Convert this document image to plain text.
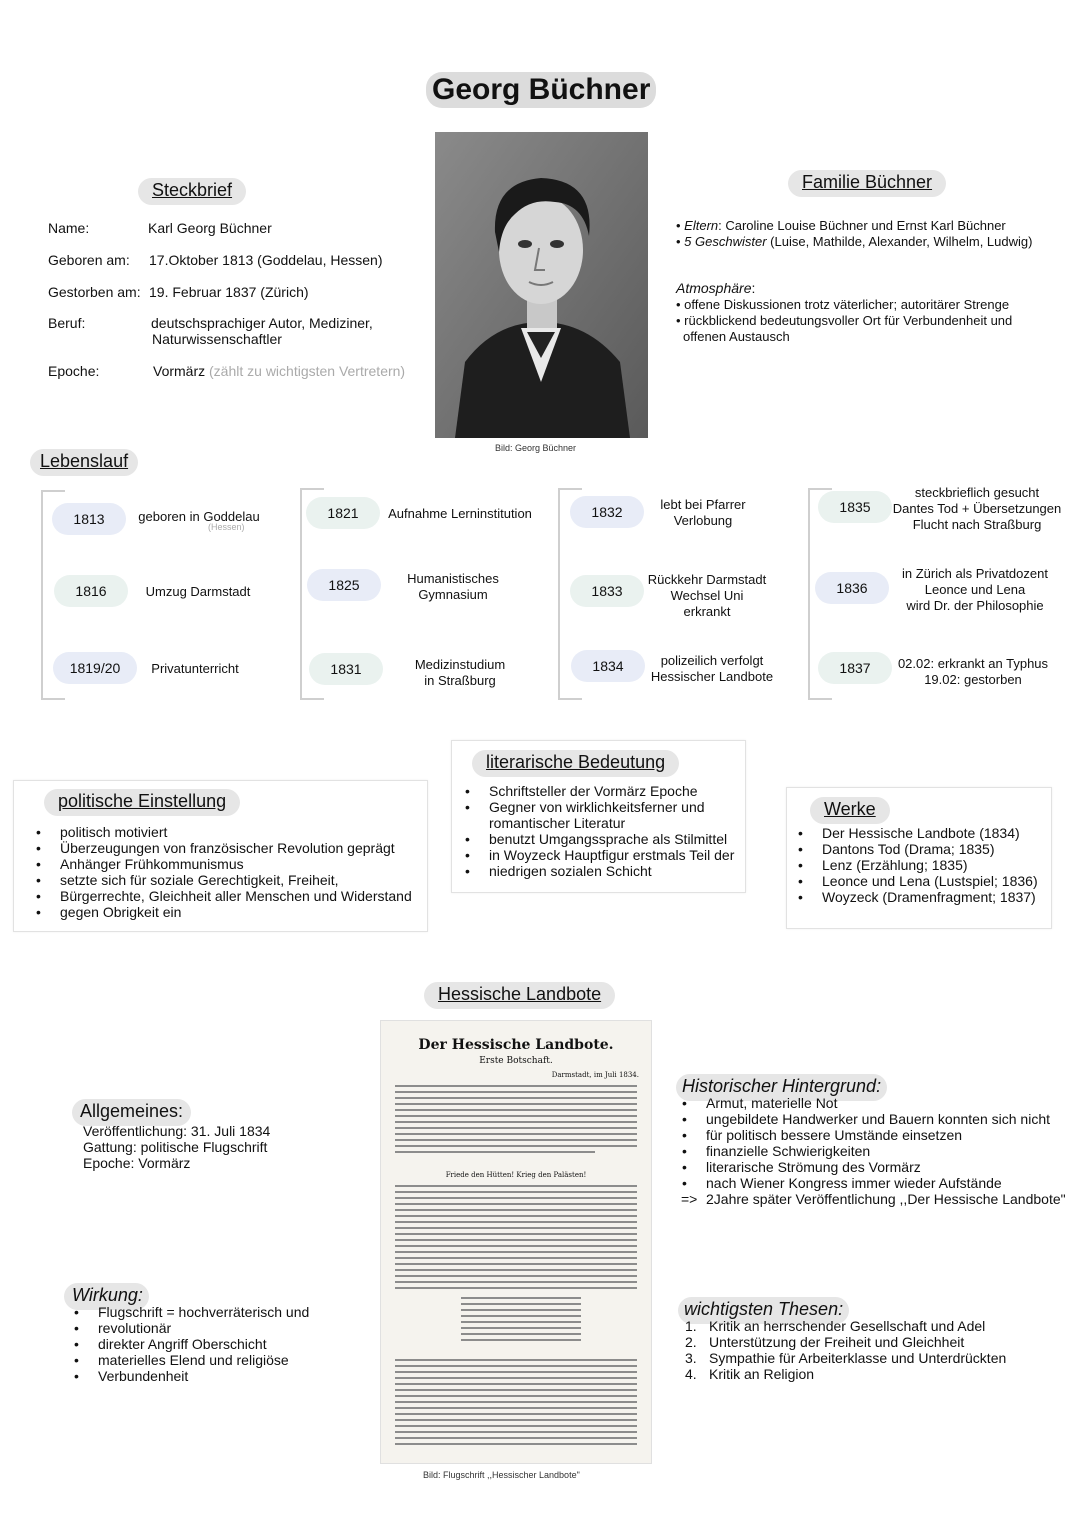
Georg Büchner
Steckbrief
Name:	Karl Georg Büchner
Geboren am: 17.Oktober 1813 (Goddelau, Hessen)
Gestorben am: 19. Februar 1837 (Zürich)
Beruf:	deutschsprachiger Autor, Mediziner,
Naturwissenschaftler
Epoche:	Vormärz (zählt zu wichtigsten Vertretern)
Bild: Georg Büchner
Familie Büchner
• Eltern: Caroline Louise Büchner und Ernst Karl Büchner
• 5 Geschwister (Luise, Mathilde, Alexander, Wilhelm, Ludwig)
Atmosphäre:
• offene Diskussionen trotz väterlicher; autoritärer Strenge
• rückblickend bedeutungsvoller Ort für Verbundenheit und
offenen Austausch
Lebenslauf
1813	geboren in Goddelau
(Hessen)
1816	Umzug Darmstadt
1819/20	Privatunterricht
1821	Aufnahme Lerninstitution
1825	Humanistisches
Gymnasium
1831	Medizinstudium
in Straßburg
1832	lebt bei Pfarrer
Verlobung
1833
Rückkehr Darmstadt
Wechsel Uni
erkrankt
1834	polizeilich verfolgt
Hessischer Landbote
1835
steckbrieflich gesucht
Dantes Tod + Übersetzungen
Flucht nach Straßburg
1836
in Zürich als Privatdozent
Leonce und Lena
wird Dr. der Philosophie
1837	02.02: erkrankt an Typhus
19.02: gestorben
literarische Bedeutung
• Schriftsteller der Vormärz Epoche
• Gegner von wirklichkeitsferner und
romantischer Literatur
• benutzt Umgangssprache als Stilmittel
• in Woyzeck Hauptfigur erstmals Teil der
• niedrigen sozialen Schicht
politische Einstellung
• politisch motiviert
• Überzeugungen von französischer Revolution geprägt
• Anhänger Frühkommunismus
• setzte sich für soziale Gerechtigkeit, Freiheit,
• Bürgerrechte, Gleichheit aller Menschen und Widerstand
• gegen Obrigkeit ein
Werke
• Der Hessische Landbote (1834)
• Dantons Tod (Drama; 1835)
• Lenz (Erzählung; 1835)
• Leonce und Lena (Lustspiel; 1836)
• Woyzeck (Dramenfragment; 1837)
Hessische Landbote
Der Hessische Landbote.
Erste Botschaft.
Darmstadt, im Juli 1834.
Friede den Hütten! Krieg den Palästen!
Bild: Flugschrift ,,Hessischer Landbote"
Allgemeines:
Veröffentlichung: 31. Juli 1834
Gattung: politische Flugschrift
Epoche: Vormärz
Wirkung:
• Flugschrift = hochverräterisch und
• revolutionär
• direkter Angriff Oberschicht
• materielles Elend und religiöse
• Verbundenheit
Historischer Hintergrund:
• Armut, materielle Not
• ungebildete Handwerker und Bauern konnten sich nicht
• für politisch bessere Umstände einsetzen
• finanzielle Schwierigkeiten
• literarische Strömung des Vormärz
• nach Wiener Kongress immer wieder Aufstände
=> 2Jahre später Veröffentlichung ,,Der Hessische Landbote"
wichtigsten Thesen:
1. Kritik an herrschender Gesellschaft und Adel
2. Unterstützung der Freiheit und Gleichheit
3. Sympathie für Arbeiterklasse und Unterdrückten
4. Kritik an Religion
